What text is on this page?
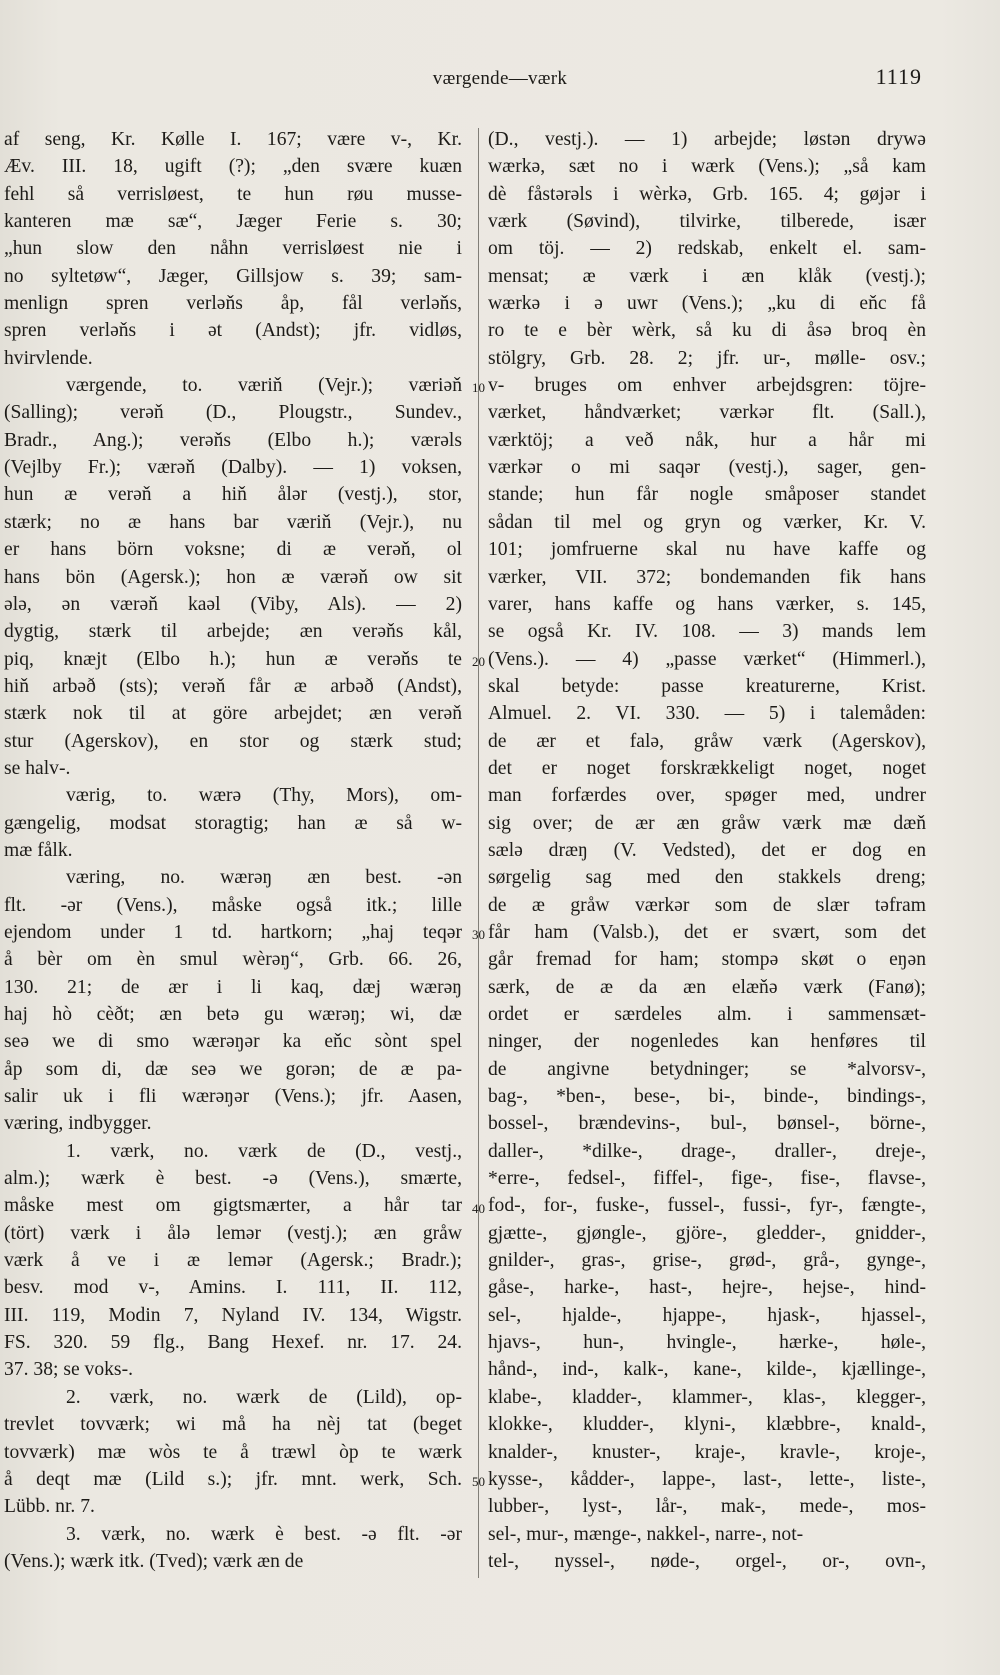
værgende—værk	1119
af seng, Kr. Kølle I. 167; være v-, Kr.
Æv. III. 18, ugift (?); „den svære kuæn
fehl så verrisløest, te hun røu musse-
kanteren mæ sæ“, Jæger Ferie s. 30;
„hun slow den nåhn verrisløest nie i
no syltetøw“, Jæger, Gillsjow s. 39; sam-
menlign spren verlǝňs åp, fål verlǝňs,
spren verlǝňs i ǝt (Andst); jfr. vidløs,
hvirvlende.
værgende, to. væriň (Vejr.); væriǝň
(Salling); verǝň (D., Plougstr., Sundev.,
Bradr., Ang.); verǝňs (Elbo h.); værǝls
(Vejlby Fr.); værǝň (Dalby). — 1) voksen,
hun æ verǝň a hiň ålǝr (vestj.), stor,
stærk; no æ hans bar væriň (Vejr.), nu
er hans börn voksne; di æ verǝň, ol
hans bön (Agersk.); hon æ værǝň ow sit
ǝlǝ, ǝn værǝň kaǝl (Viby, Als). — 2)
dygtig, stærk til arbejde; æn verǝňs kål,
piq, knæjt (Elbo h.); hun æ verǝňs te
hiň arbǝð (sts); verǝň får æ arbǝð (Andst),
stærk nok til at göre arbejdet; æn verǝň
stur (Agerskov), en stor og stærk stud;
se halv-.
værig, to. wærǝ (Thy, Mors), om-
gængelig, modsat storagtig; han æ så w-
mæ fålk.
væring, no. wærǝŋ æn best. -ǝn
flt. -ǝr (Vens.), måske også itk.; lille
ejendom under 1 td. hartkorn; „haj teqǝr
å bèr om èn smul wèrǝŋ“, Grb. 66. 26,
130. 21; de ær i li kaq, dæj wærǝŋ
haj hò cèðt; æn betǝ gu wærǝŋ; wi, dæ
seǝ we di smo wærǝŋǝr ka eňc sònt spel
åp som di, dæ seǝ we gorǝn; de æ pa-
salir uk i fli wærǝŋǝr (Vens.); jfr. Aasen,
væring, indbygger.
1. værk, no. værk de (D., vestj.,
alm.); wærk è best. -ǝ (Vens.), smærte,
måske mest om gigtsmærter, a hår tar
(tört) værk i ålǝ lemǝr (vestj.); æn gråw
værk å ve i æ lemǝr (Agersk.; Bradr.);
besv. mod v-, Amins. I. 111, II. 112,
III. 119, Modin 7, Nyland IV. 134, Wigstr.
FS. 320. 59 flg., Bang Hexef. nr. 17. 24.
37. 38; se voks-.
2. værk, no. wærk de (Lild), op-
trevlet tovværk; wi må ha nèj tat (beget
tovværk) mæ wòs te å træwl òp te wærk
å deqt mæ (Lild s.); jfr. mnt. werk, Sch.
Lübb. nr. 7.
3. værk, no. wærk è best. -ǝ flt. -ǝr
(Vens.); wærk itk. (Tved); værk æn de
(D., vestj.). — 1) arbejde; løstǝn drywǝ
wærkǝ, sæt no i wærk (Vens.); „så kam
dè fåstǝrǝls i wèrkǝ, Grb. 165. 4; gøjǝr i
værk (Søvind), tilvirke, tilberede, især
om töj. — 2) redskab, enkelt el. sam-
mensat; æ værk i æn klåk (vestj.);
wærkǝ i ǝ uwr (Vens.); „ku di eňc få
ro te e bèr wèrk, så ku di åsǝ broq èn
stölgry, Grb. 28. 2; jfr. ur-, mølle- osv.;
v- bruges om enhver arbejdsgren: töjre-
værket, håndværket; værkǝr flt. (Sall.),
værktöj; a veð nåk, hur a hår mi
værkǝr o mi saqǝr (vestj.), sager, gen-
stande; hun får nogle småposer standet
sådan til mel og gryn og værker, Kr. V.
101; jomfruerne skal nu have kaffe og
værker, VII. 372; bondemanden fik hans
varer, hans kaffe og hans værker, s. 145,
se også Kr. IV. 108. — 3) mands lem
(Vens.). — 4) „passe værket“ (Himmerl.),
skal betyde: passe kreaturerne, Krist.
Almuel. 2. VI. 330. — 5) i talemåden:
de ær et falǝ, gråw værk (Agerskov),
det er noget forskrækkeligt noget, noget
man forfærdes over, spøger med, undrer
sig over; de ær æn gråw værk mæ dæň
sælǝ dræŋ (V. Vedsted), det er dog en
sørgelig sag med den stakkels dreng;
de æ gråw værkǝr som de slær tǝfram
får ham (Valsb.), det er svært, som det
går fremad for ham; stompǝ skøt o eŋǝn
særk, de æ da æn elæňǝ værk (Fanø);
ordet er særdeles alm. i sammensæt-
ninger, der nogenledes kan henføres til
de angivne betydninger; se *alvorsv-,
bag-, *ben-, bese-, bi-, binde-, bindings-,
bossel-, brændevins-, bul-, bønsel-, börne-,
daller-, *dilke-, drage-, draller-, dreje-,
*erre-, fedsel-, fiffel-, fige-, fise-, flavse-,
fod-, for-, fuske-, fussel-, fussi-, fyr-, fængte-,
gjætte-, gjøngle-, gjöre-, gledder-, gnidder-,
gnilder-, gras-, grise-, grød-, grå-, gynge-,
gåse-, harke-, hast-, hejre-, hejse-, hind-
sel-, hjalde-, hjappe-, hjask-, hjassel-,
hjavs-, hun-, hvingle-, hærke-, høle-,
hånd-, ind-, kalk-, kane-, kilde-, kjællinge-,
klabe-, kladder-, klammer-, klas-, klegger-,
klokke-, kludder-, klyni-, klæbbre-, knald-,
knalder-, knuster-, kraje-, kravle-, kroje-,
kysse-, kådder-, lappe-, last-, lette-, liste-,
lubber-, lyst-, lår-, mak-, mede-, mos-
sel-, mur-, mænge-, nakkel-, narre-, not-
tel-, nyssel-, nøde-, orgel-, or-, ovn-,
10
20
30
40
50
